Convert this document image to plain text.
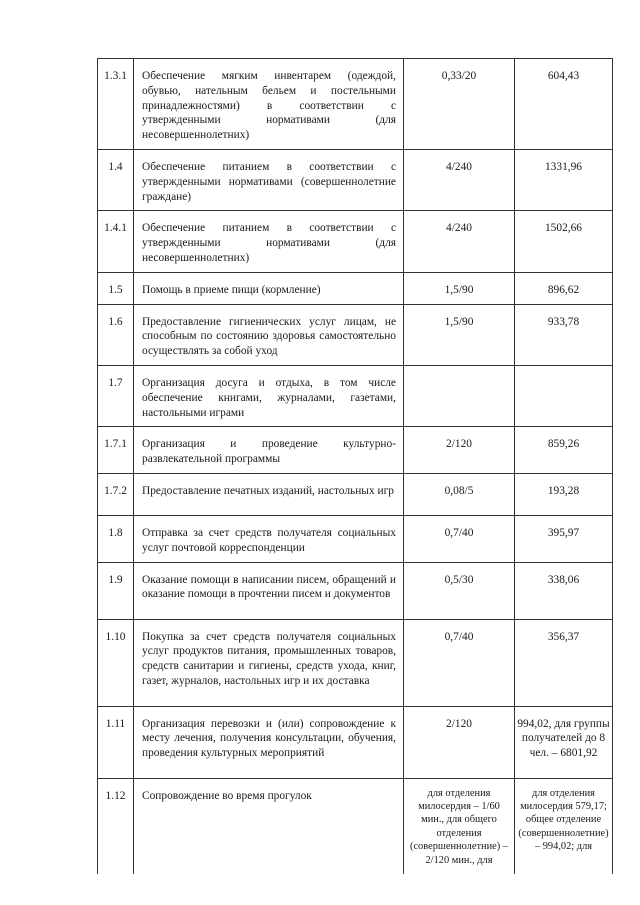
1.3.1	Обеспечение мягким инвентарем (одеждой, обувью, нательным бельем и постельными принадлежностями) в соответствии с утвержденными нормативами (для несовершеннолетних)	0,33/20	604,43
1.4	Обеспечение питанием в соответствии с утвержденными нормативами (совершеннолетние граждане)	4/240	1331,96
1.4.1	Обеспечение питанием в соответствии с утвержденными нормативами (для несовершеннолетних)	4/240	1502,66
1.5	Помощь в приеме пищи (кормление)	1,5/90	896,62
1.6	Предоставление гигиенических услуг лицам, не способным по состоянию здоровья самостоятельно осуществлять за собой уход	1,5/90	933,78
1.7	Организация досуга и отдыха, в том числе обеспечение книгами, журналами, газетами, настольными играми		
1.7.1	Организация и проведение культурно-развлекательной программы	2/120	859,26
1.7.2	Предоставление печатных изданий, настольных игр	0,08/5	193,28
1.8	Отправка за счет средств получателя социальных услуг почтовой корреспонденции	0,7/40	395,97
1.9	Оказание помощи в написании писем, обращений и оказание помощи в прочтении писем и документов	0,5/30	338,06
1.10	Покупка за счет средств получателя социальных услуг продуктов питания, промышленных товаров, средств санитарии и гигиены, средств ухода, книг, газет, журналов, настольных игр и их доставка	0,7/40	356,37
1.11	Организация перевозки и (или) сопровождение к месту лечения, получения консультации, обучения, проведения культурных мероприятий	2/120	994,02, для группы получателей до 8 чел. – 6801,92
1.12	Сопровождение во время прогулок	для отделения милосердия – 1/60 мин., для общего отделения (совершеннолетние) – 2/120 мин., для	для отделения милосердия 579,17; общее отделение (совершеннолетние) – 994,02; для
